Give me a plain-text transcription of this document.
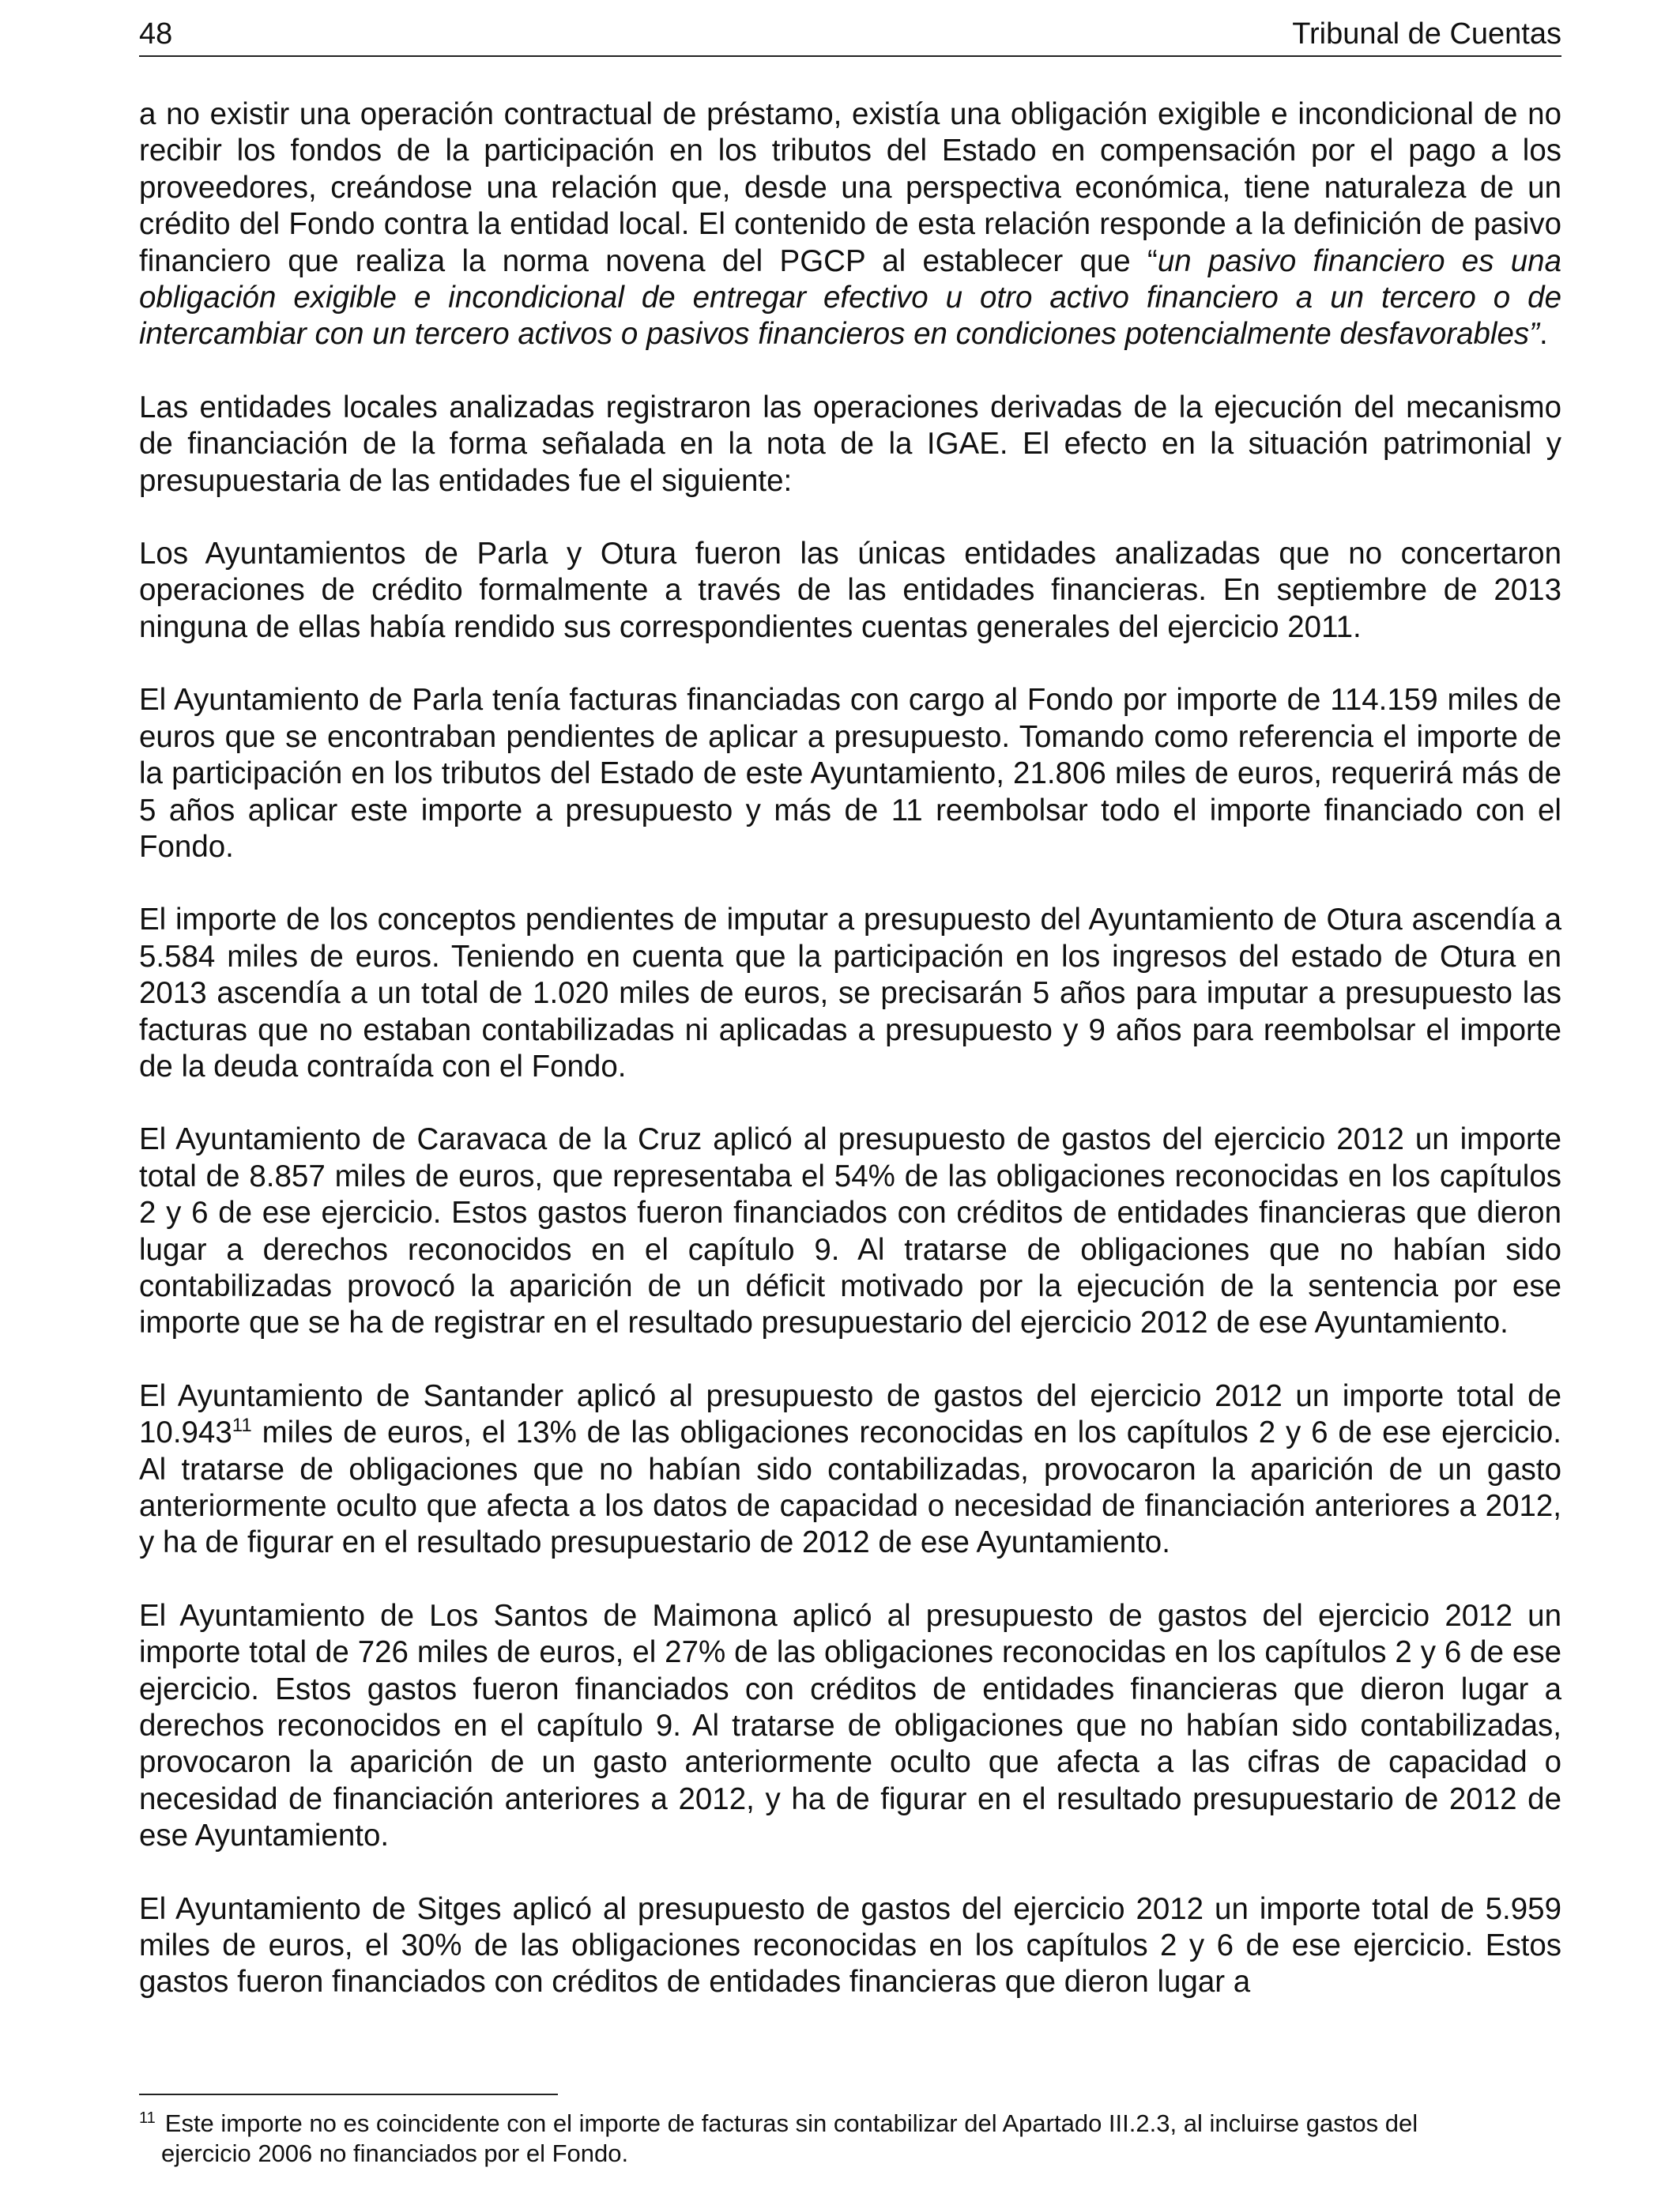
48	Tribunal de Cuentas

a no existir una operación contractual de préstamo, existía una obligación exigible e incondicional de no recibir los fondos de la participación en los tributos del Estado en compensación por el pago a los proveedores, creándose una relación que, desde una perspectiva económica, tiene naturaleza de un crédito del Fondo contra la entidad local. El contenido de esta relación responde a la definición de pasivo financiero que realiza la norma novena del PGCP al establecer que “un pasivo financiero es una obligación exigible e incondicional de entregar efectivo u otro activo financiero a un tercero o de intercambiar con un tercero activos o pasivos financieros en condiciones potencialmente desfavorables”.

Las entidades locales analizadas registraron las operaciones derivadas de la ejecución del mecanismo de financiación de la forma señalada en la nota de la IGAE. El efecto en la situación patrimonial y presupuestaria de las entidades fue el siguiente:

Los Ayuntamientos de Parla y Otura fueron las únicas entidades analizadas que no concertaron operaciones de crédito formalmente a través de las entidades financieras. En septiembre de 2013 ninguna de ellas había rendido sus correspondientes cuentas generales del ejercicio 2011.

El Ayuntamiento de Parla tenía facturas financiadas con cargo al Fondo por importe de 114.159 miles de euros que se encontraban pendientes de aplicar a presupuesto. Tomando como referencia el importe de la participación en los tributos del Estado de este Ayuntamiento, 21.806 miles de euros, requerirá más de 5 años aplicar este importe a presupuesto y más de 11 reembolsar todo el importe financiado con el Fondo.

El importe de los conceptos pendientes de imputar a presupuesto del Ayuntamiento de Otura ascendía a 5.584 miles de euros. Teniendo en cuenta que la participación en los ingresos del estado de Otura en 2013 ascendía a un total de 1.020 miles de euros, se precisarán 5 años para imputar a presupuesto las facturas que no estaban contabilizadas ni aplicadas a presupuesto y 9 años para reembolsar el importe de la deuda contraída con el Fondo.

El Ayuntamiento de Caravaca de la Cruz aplicó al presupuesto de gastos del ejercicio 2012 un importe total de 8.857 miles de euros, que representaba el 54% de las obligaciones reconocidas en los capítulos 2 y 6 de ese ejercicio. Estos gastos fueron financiados con créditos de entidades financieras que dieron lugar a derechos reconocidos en el capítulo 9. Al tratarse de obligaciones que no habían sido contabilizadas provocó la aparición de un déficit motivado por la ejecución de la sentencia por ese importe que se ha de registrar en el resultado presupuestario del ejercicio 2012 de ese Ayuntamiento.

El Ayuntamiento de Santander aplicó al presupuesto de gastos del ejercicio 2012 un importe total de 10.943$^{11}$ miles de euros, el 13% de las obligaciones reconocidas en los capítulos 2 y 6 de ese ejercicio. Al tratarse de obligaciones que no habían sido contabilizadas, provocaron la aparición de un gasto anteriormente oculto que afecta a los datos de capacidad o necesidad de financiación anteriores a 2012, y ha de figurar en el resultado presupuestario de 2012 de ese Ayuntamiento.

El Ayuntamiento de Los Santos de Maimona aplicó al presupuesto de gastos del ejercicio 2012 un importe total de 726 miles de euros, el 27% de las obligaciones reconocidas en los capítulos 2 y 6 de ese ejercicio. Estos gastos fueron financiados con créditos de entidades financieras que dieron lugar a derechos reconocidos en el capítulo 9. Al tratarse de obligaciones que no habían sido contabilizadas, provocaron la aparición de un gasto anteriormente oculto que afecta a las cifras de capacidad o necesidad de financiación anteriores a 2012, y ha de figurar en el resultado presupuestario de 2012 de ese Ayuntamiento.

El Ayuntamiento de Sitges aplicó al presupuesto de gastos del ejercicio 2012 un importe total de 5.959 miles de euros, el 30% de las obligaciones reconocidas en los capítulos 2 y 6 de ese ejercicio. Estos gastos fueron financiados con créditos de entidades financieras que dieron lugar a

$^{11}$ Este importe no es coincidente con el importe de facturas sin contabilizar del Apartado III.2.3, al incluirse gastos del
ejercicio 2006 no financiados por el Fondo.
